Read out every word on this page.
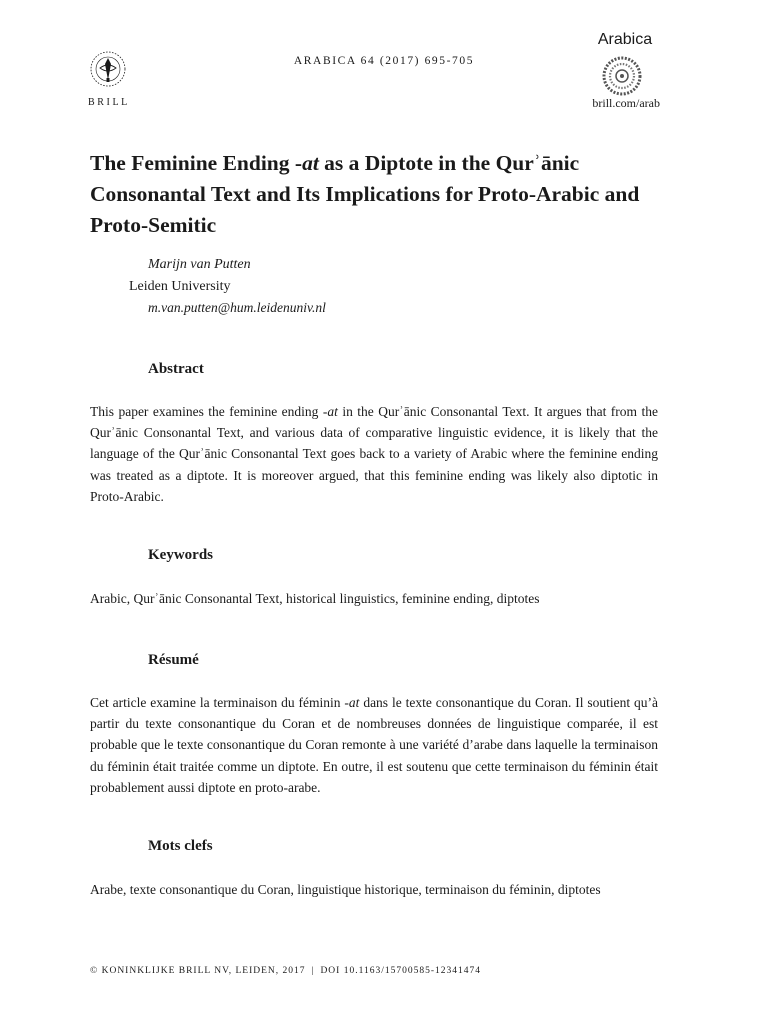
BRILL
ARABICA 64 (2017) 695-705
Arabica
brill.com/arab
The Feminine Ending -at as a Diptote in the Qurʾānic Consonantal Text and Its Implications for Proto-Arabic and Proto-Semitic
Marijn van Putten
Leiden University
m.van.putten@hum.leidenuniv.nl
Abstract

This paper examines the feminine ending -at in the Qurʾānic Consonantal Text. It argues that from the Qurʾānic Consonantal Text, and various data of comparative linguistic evidence, it is likely that the language of the Qurʾānic Consonantal Text goes back to a variety of Arabic where the feminine ending was treated as a diptote. It is moreover argued, that this feminine ending was likely also diptotic in Proto-Arabic.

Keywords

Arabic, Qurʾānic Consonantal Text, historical linguistics, feminine ending, diptotes

Résumé

Cet article examine la terminaison du féminin -at dans le texte consonantique du Coran. Il soutient qu’à partir du texte consonantique du Coran et de nombreuses données de linguistique comparée, il est probable que le texte consonantique du Coran remonte à une variété d’arabe dans laquelle la terminaison du féminin était traitée comme un diptote. En outre, il est soutenu que cette terminaison du féminin était probablement aussi diptote en proto-arabe.

Mots clefs

Arabe, texte consonantique du Coran, linguistique historique, terminaison du féminin, diptotes

© KONINKLIJKE BRILL NV, LEIDEN, 2017 | DOI 10.1163/15700585-12341474
